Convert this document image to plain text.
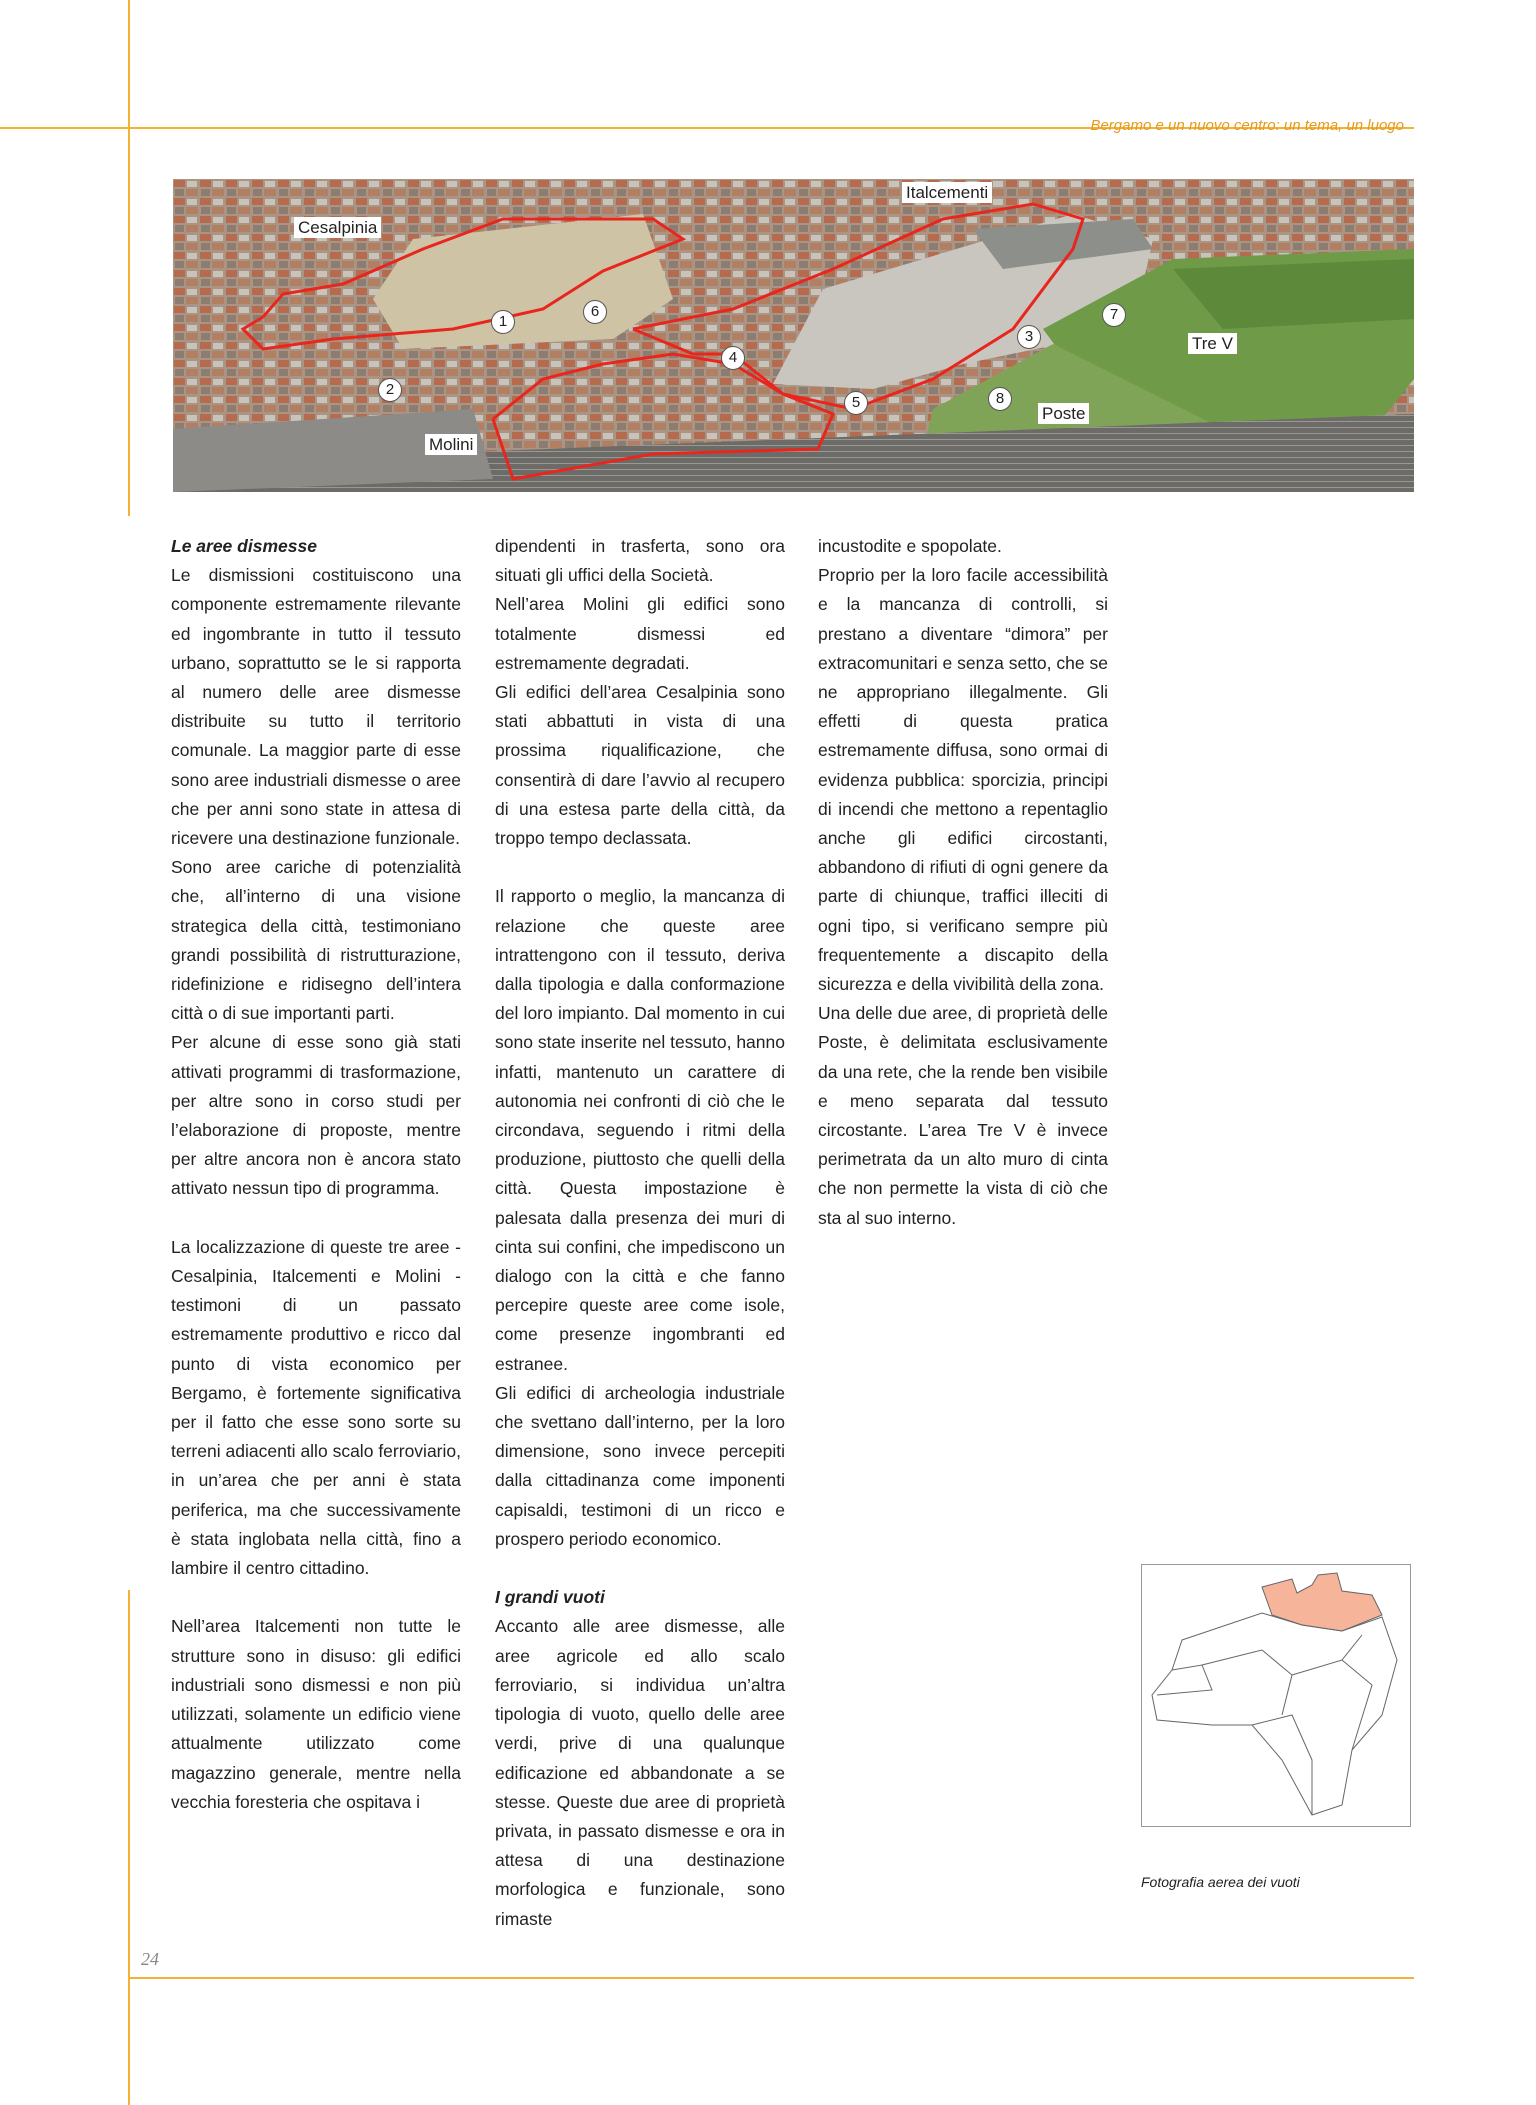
Bergamo e un nuovo centro: un tema, un luogo
Cesalpinia
Italcementi
Molini
Poste
Tre V
1
2
3
4
5
6	7
8
Le aree dismesse

Le dismissioni costituiscono una componente estremamente rilevante ed ingombrante in tutto il tessuto urbano, soprattutto se le si rapporta al numero delle aree dismesse distribuite su tutto il territorio comunale. La maggior parte di esse sono aree industriali dismesse o aree che per anni sono state in attesa di ricevere una destinazione funzionale.

Sono aree cariche di potenzialità che, all’interno di una visione strategica della città, testimoniano grandi possibilità di ristrutturazione, ridefinizione e ridisegno dell’intera città o di sue importanti parti.

Per alcune di esse sono già stati attivati programmi di trasformazione, per altre sono in corso studi per l’elaborazione di proposte, mentre per altre ancora non è ancora stato attivato nessun tipo di programma.

La localizzazione di queste tre aree - Cesalpinia, Italcementi e Molini - testimoni di un passato estremamente produttivo e ricco dal punto di vista economico per Bergamo, è fortemente significativa per il fatto che esse sono sorte su terreni adiacenti allo scalo ferroviario, in un’area che per anni è stata periferica, ma che successivamente è stata inglobata nella città, fino a lambire il centro cittadino.

Nell’area Italcementi non tutte le strutture sono in disuso: gli edifici industriali sono dismessi e non più utilizzati, solamente un edificio viene attualmente utilizzato come magazzino generale, mentre nella vecchia foresteria che ospitava i

dipendenti in trasferta, sono ora situati gli uffici della Società.

Nell’area Molini gli edifici sono totalmente dismessi ed estremamente degradati.

Gli edifici dell’area Cesalpinia sono stati abbattuti in vista di una prossima riqualificazione, che consentirà di dare l’avvio al recupero di una estesa parte della città, da troppo tempo declassata.

Il rapporto o meglio, la mancanza di relazione che queste aree intrattengono con il tessuto, deriva dalla tipologia e dalla conformazione del loro impianto. Dal momento in cui sono state inserite nel tessuto, hanno infatti, mantenuto un carattere di autonomia nei confronti di ciò che le circondava, seguendo i ritmi della produzione, piuttosto che quelli della città. Questa impostazione è palesata dalla presenza dei muri di cinta sui confini, che impediscono un dialogo con la città e che fanno percepire queste aree come isole, come presenze ingombranti ed estranee.

Gli edifici di archeologia industriale che svettano dall’interno, per la loro dimensione, sono invece percepiti dalla cittadinanza come imponenti capisaldi, testimoni di un ricco e prospero periodo economico.

I grandi vuoti

Accanto alle aree dismesse, alle aree agricole ed allo scalo ferroviario, si individua un’altra tipologia di vuoto, quello delle aree verdi, prive di una qualunque edificazione ed abbandonate a se stesse. Queste due aree di proprietà privata, in passato dismesse e ora in attesa di una destinazione morfologica e funzionale, sono rimaste

incustodite e spopolate.

Proprio per la loro facile accessibilità e la mancanza di controlli, si prestano a diventare “dimora” per extracomunitari e senza setto, che se ne appropriano illegalmente. Gli effetti di questa pratica estremamente diffusa, sono ormai di evidenza pubblica: sporcizia, principi di incendi che mettono a repentaglio anche gli edifici circostanti, abbandono di rifiuti di ogni genere da parte di chiunque, traffici illeciti di ogni tipo, si verificano sempre più frequentemente a discapito della sicurezza e della vivibilità della zona.

Una delle due aree, di proprietà delle Poste, è delimitata esclusivamente da una rete, che la rende ben visibile e meno separata dal tessuto circostante. L’area Tre V è invece perimetrata da un alto muro di cinta che non permette la vista di ciò che sta al suo interno.

Fotografia aerea dei vuoti
24
